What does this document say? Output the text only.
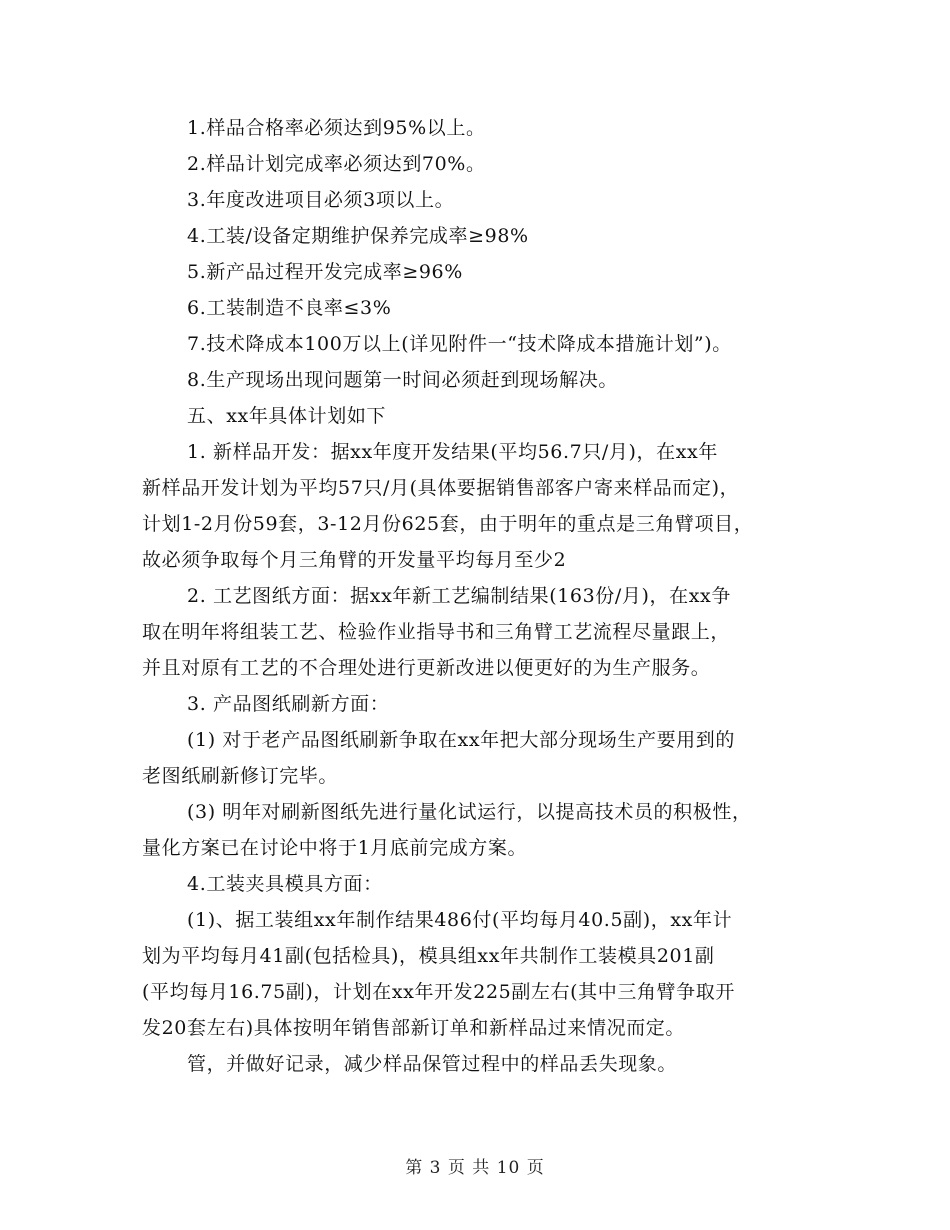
1.样品合格率必须达到95%以上。
2.样品计划完成率必须达到70%。
3.年度改进项目必须3项以上。
4.工装/设备定期维护保养完成率≥98%
5.新产品过程开发完成率≥96%
6.工装制造不良率≤3%
7.技术降成本100万以上(详见附件一“技术降成本措施计划”)。
8.生产现场出现问题第一时间必须赶到现场解决。
五、xx年具体计划如下
1. 新样品开发：据xx年度开发结果(平均56.7只/月)，在xx年
新样品开发计划为平均57只/月(具体要据销售部客户寄来样品而定)，
计划1-2月份59套，3-12月份625套，由于明年的重点是三角臂项目，
故必须争取每个月三角臂的开发量平均每月至少2
2. 工艺图纸方面：据xx年新工艺编制结果(163份/月)，在xx争
取在明年将组装工艺、检验作业指导书和三角臂工艺流程尽量跟上，
并且对原有工艺的不合理处进行更新改进以便更好的为生产服务。
3. 产品图纸刷新方面：
(1) 对于老产品图纸刷新争取在xx年把大部分现场生产要用到的
老图纸刷新修订完毕。
(3) 明年对刷新图纸先进行量化试运行，以提高技术员的积极性，
量化方案已在讨论中将于1月底前完成方案。
4.工装夹具模具方面：
(1)、据工装组xx年制作结果486付(平均每月40.5副)，xx年计
划为平均每月41副(包括检具)，模具组xx年共制作工装模具201副
(平均每月16.75副)，计划在xx年开发225副左右(其中三角臂争取开
发20套左右)具体按明年销售部新订单和新样品过来情况而定。
管，并做好记录，减少样品保管过程中的样品丢失现象。
第 3 页 共 10 页
